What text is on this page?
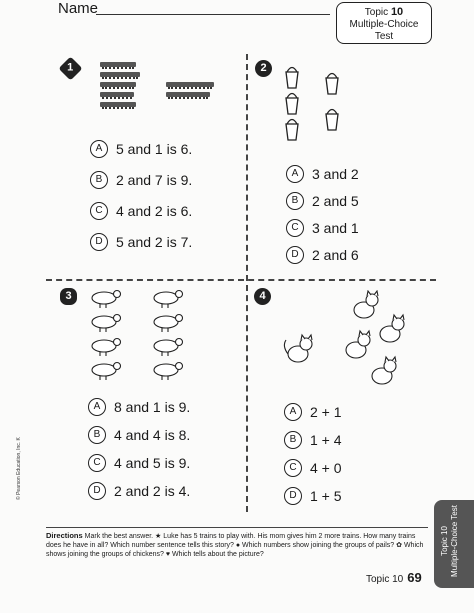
Name	Topic 10
Multiple-Choice Test
1
A 5 and 1 is 6.
B 2 and 7 is 9.
C 4 and 2 is 6.
D 5 and 2 is 7.
2
A 3 and 2
B 2 and 5
C 3 and 1
D 2 and 6
3
A 8 and 1 is 9.
B 4 and 4 is 8.
C 4 and 5 is 9.
D 2 and 2 is 4.
4
A 2 + 1
B 1 + 4
C 4 + 0
D 1 + 5
Directions Mark the best answer. ★ Luke has 5 trains to play with. His mom gives him 2 more trains. How many trains does he have in all? Which number sentence tells this story? ● Which numbers show joining the groups of pails? ✿ Which shows joining the groups of chickens? ♥ Which tells about the picture?
© Pearson Education, Inc. K
Topic 10 Multiple-Choice Test
Topic 10 69
